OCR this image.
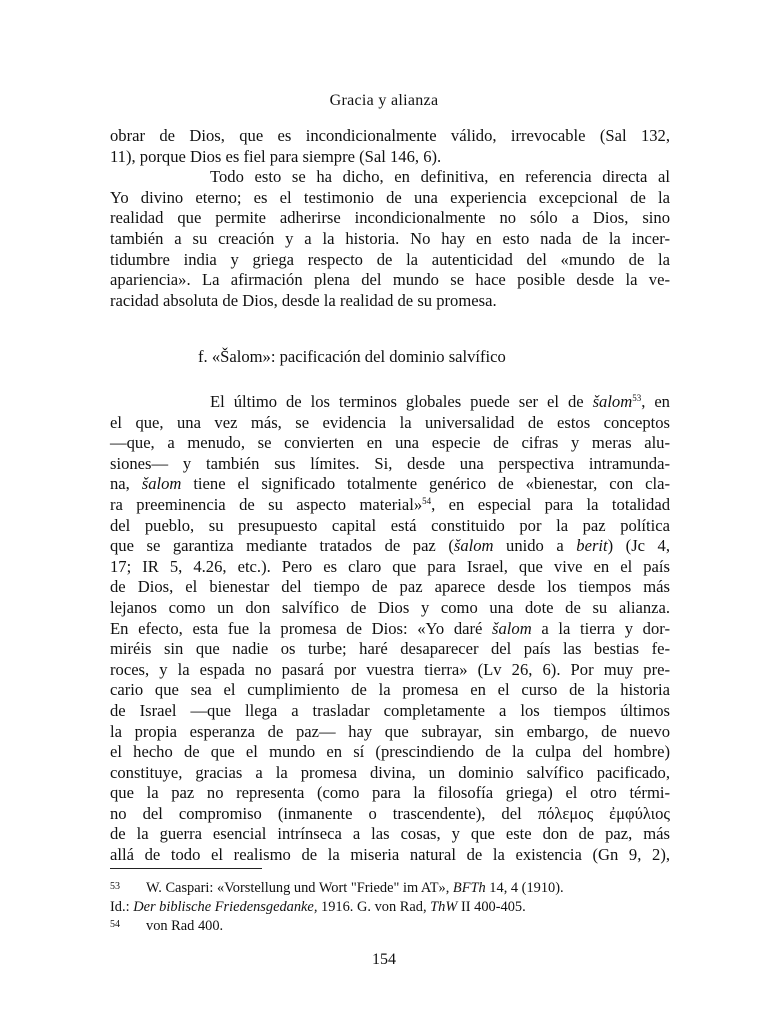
Gracia y alianza
obrar de Dios, que es incondicionalmente válido, irrevocable (Sal 132,
11), porque Dios es fiel para siempre (Sal 146, 6).
Todo esto se ha dicho, en definitiva, en referencia directa al
Yo divino eterno; es el testimonio de una experiencia excepcional de la
realidad que permite adherirse incondicionalmente no sólo a Dios, sino
también a su creación y a la historia. No hay en esto nada de la incer-
tidumbre india y griega respecto de la autenticidad del «mundo de la
apariencia». La afirmación plena del mundo se hace posible desde la ve-
racidad absoluta de Dios, desde la realidad de su promesa.
f. «Šalom»: pacificación del dominio salvífico
El último de los terminos globales puede ser el de šalom$^{53}$, en
el que, una vez más, se evidencia la universalidad de estos conceptos
—que, a menudo, se convierten en una especie de cifras y meras alu-
siones— y también sus límites. Si, desde una perspectiva intramunda-
na, šalom tiene el significado totalmente genérico de «bienestar, con cla-
ra preeminencia de su aspecto material»$^{54}$, en especial para la totalidad
del pueblo, su presupuesto capital está constituido por la paz política
que se garantiza mediante tratados de paz (šalom unido a berit) (Jc 4,
17; IR 5, 4.26, etc.). Pero es claro que para Israel, que vive en el país
de Dios, el bienestar del tiempo de paz aparece desde los tiempos más
lejanos como un don salvífico de Dios y como una dote de su alianza.
En efecto, esta fue la promesa de Dios: «Yo daré šalom a la tierra y dor-
miréis sin que nadie os turbe; haré desaparecer del país las bestias fe-
roces, y la espada no pasará por vuestra tierra» (Lv 26, 6). Por muy pre-
cario que sea el cumplimiento de la promesa en el curso de la historia
de Israel —que llega a trasladar completamente a los tiempos últimos
la propia esperanza de paz— hay que subrayar, sin embargo, de nuevo
el hecho de que el mundo en sí (prescindiendo de la culpa del hombre)
constituye, gracias a la promesa divina, un dominio salvífico pacificado,
que la paz no representa (como para la filosofía griega) el otro térmi-
no del compromiso (inmanente o trascendente), del πόλεμος ἐμφύλιος
de la guerra esencial intrínseca a las cosas, y que este don de paz, más
allá de todo el realismo de la miseria natural de la existencia (Gn 9, 2),
53 W. Caspari: «Vorstellung und Wort "Friede" im AT», BFTh 14, 4 (1910).
Id.: Der biblische Friedensgedanke, 1916. G. von Rad, ThW II 400-405.
54 von Rad 400.
154
